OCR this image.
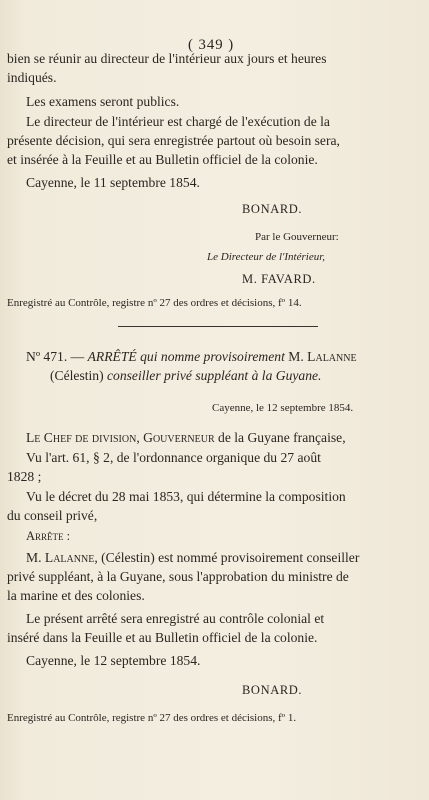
( 349 )
bien se réunir au directeur de l'intérieur aux jours et heures
indiqués.
Les examens seront publics.
Le directeur de l'intérieur est chargé de l'exécution de la
présente décision, qui sera enregistrée partout où besoin sera,
et insérée à la Feuille et au Bulletin officiel de la colonie.
Cayenne, le 11 septembre 1854.
BONARD.
Par le Gouverneur:
Le Directeur de l'Intérieur,
M. FAVARD.
Enregistré au Contrôle, registre nº 27 des ordres et décisions, fº 14.
Nº 471. — ARRÊTÉ qui nomme provisoirement M. Lalanne
(Célestin) conseiller privé suppléant à la Guyane.
Cayenne, le 12 septembre 1854.
Le Chef de division, Gouverneur de la Guyane française,
Vu l'art. 61, § 2, de l'ordonnance organique du 27 août
1828 ;
Vu le décret du 28 mai 1853, qui détermine la composition
du conseil privé,
Arrête :
M. Lalanne, (Célestin) est nommé provisoirement conseiller
privé suppléant, à la Guyane, sous l'approbation du ministre de
la marine et des colonies.
Le présent arrêté sera enregistré au contrôle colonial et
inséré dans la Feuille et au Bulletin officiel de la colonie.
Cayenne, le 12 septembre 1854.
BONARD.
Enregistré au Contrôle, registre nº 27 des ordres et décisions, fº 1.
